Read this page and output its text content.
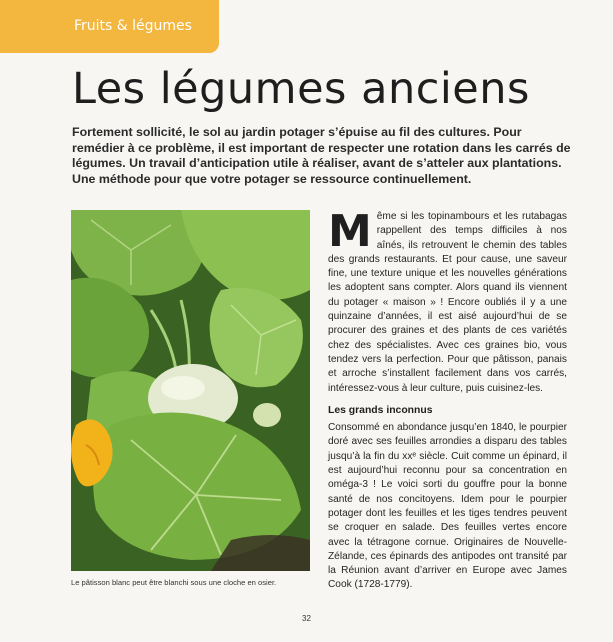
Fruits & légumes
Les légumes anciens

Fortement sollicité, le sol au jardin potager s’épuise au fil des cultures. Pour remédier à ce problème, il est important de respecter une rotation dans les carrés de légumes. Un travail d’anticipation utile à réaliser, avant de s’atteler aux plantations. Une méthode pour que votre potager se ressource continuellement.

Le pâtisson blanc peut être blanchi sous une cloche en osier.

Même si les topinambours et les rutabagas rappellent des temps difficiles à nos aînés, ils retrouvent le chemin des tables des grands restaurants. Et pour cause, une saveur fine, une texture unique et les nouvelles générations les adoptent sans compter. Alors quand ils viennent du potager « maison » ! Encore oubliés il y a une quinzaine d’années, il est aisé aujourd’hui de se procurer des graines et des plants de ces variétés chez des spécialistes. Avec ces graines bio, vous tendez vers la perfection. Pour que pâtisson, panais et arroche s’installent facilement dans vos carrés, intéressez-vous à leur culture, puis cuisinez-les.

Les grands inconnus

Consommé en abondance jusqu’en 1840, le pourpier doré avec ses feuilles arrondies a disparu des tables jusqu’à la fin du xxᵉ siècle. Cuit comme un épinard, il est aujourd’hui reconnu pour sa concentration en oméga-3 ! Le voici sorti du gouffre pour la bonne santé de nos concitoyens. Idem pour le pourpier potager dont les feuilles et les tiges tendres peuvent se croquer en salade. Des feuilles vertes encore avec la tétragone cornue. Originaires de Nouvelle-Zélande, ces épinards des antipodes ont transité par la Réunion avant d’arriver en Europe avec James Cook (1728-1779).

32
